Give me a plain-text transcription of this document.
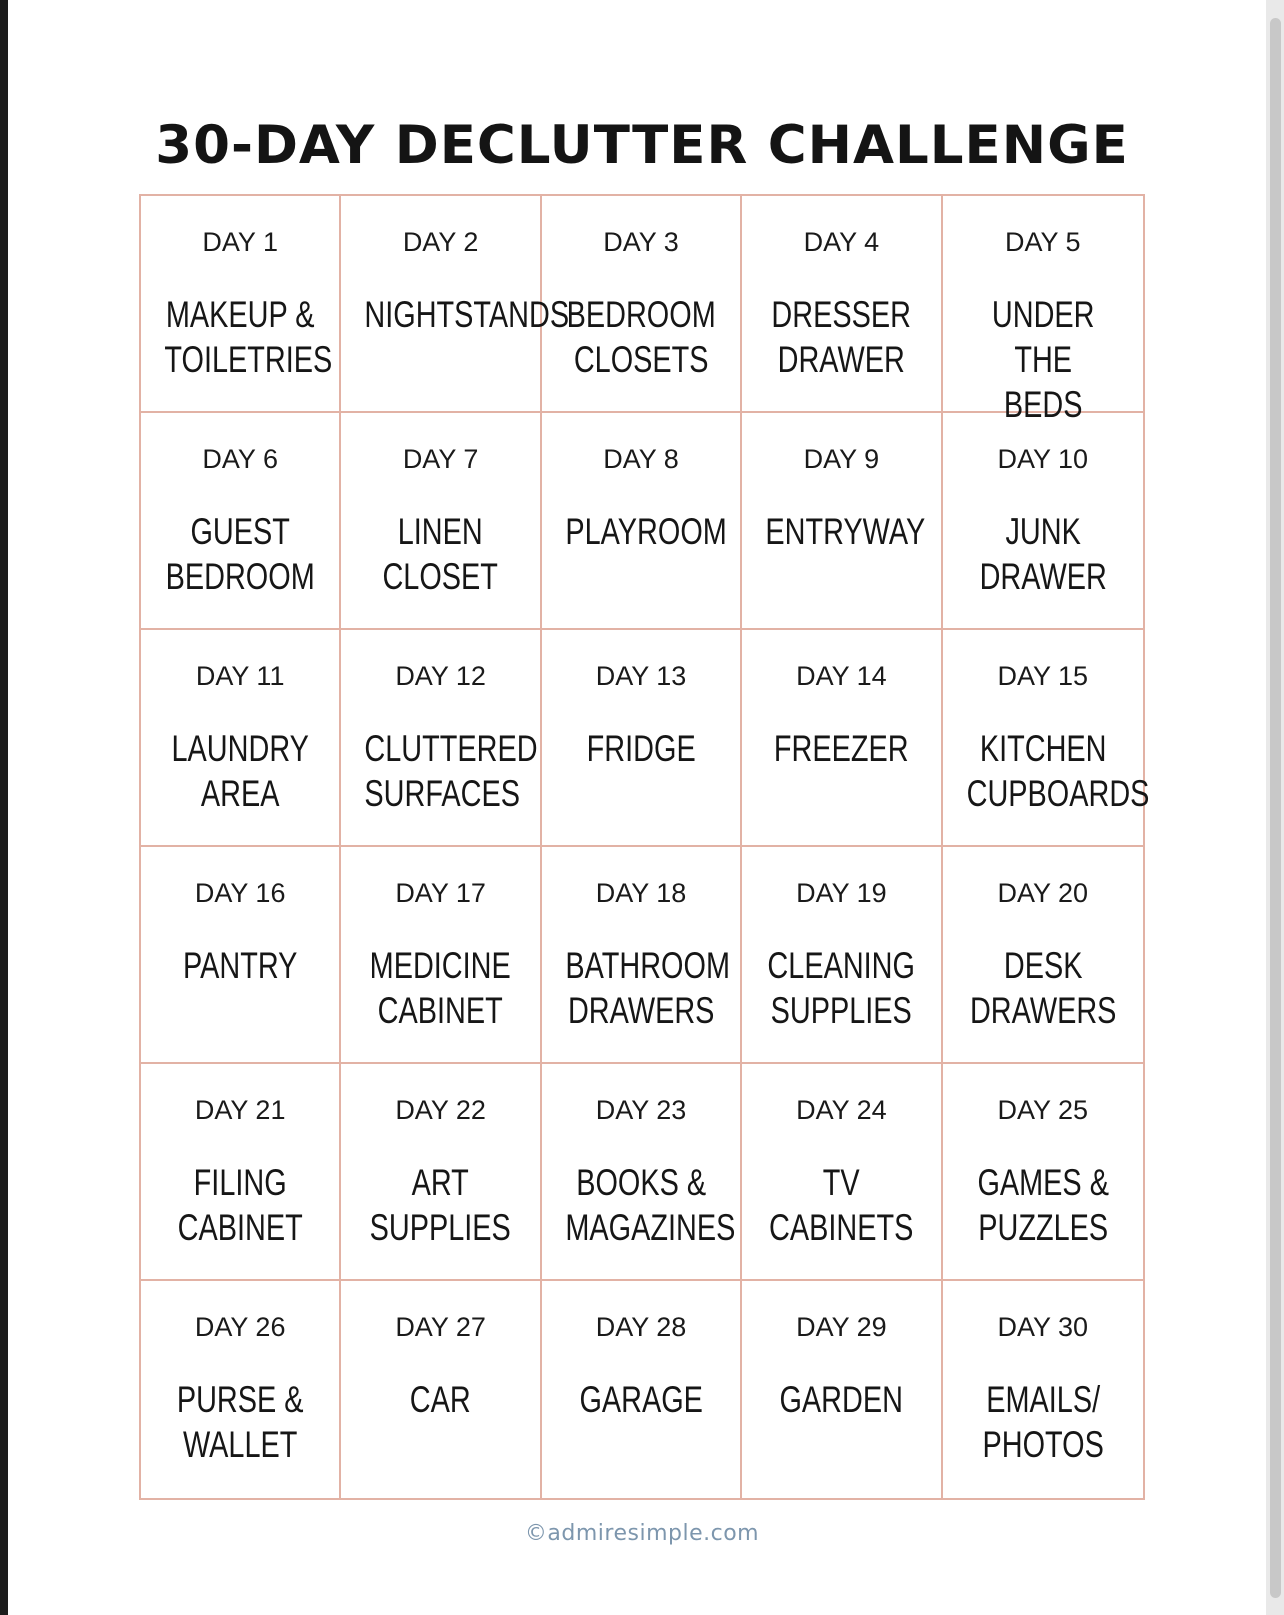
30-DAY DECLUTTER CHALLENGE
DAY 1
MAKEUP &
TOILETRIES
DAY 2
NIGHTSTANDS
DAY 3
BEDROOM
CLOSETS
DAY 4
DRESSER
DRAWER
DAY 5
UNDER THE
BEDS
DAY 6
GUEST
BEDROOM
DAY 7
LINEN
CLOSET
DAY 8
PLAYROOM
DAY 9
ENTRYWAY
DAY 10
JUNK
DRAWER
DAY 11
LAUNDRY
AREA
DAY 12
CLUTTERED
SURFACES
DAY 13
FRIDGE
DAY 14
FREEZER
DAY 15
KITCHEN
CUPBOARDS
DAY 16
PANTRY
DAY 17
MEDICINE
CABINET
DAY 18
BATHROOM
DRAWERS
DAY 19
CLEANING
SUPPLIES
DAY 20
DESK
DRAWERS
DAY 21
FILING
CABINET
DAY 22
ART
SUPPLIES
DAY 23
BOOKS &
MAGAZINES
DAY 24
TV
CABINETS
DAY 25
GAMES &
PUZZLES
DAY 26
PURSE &
WALLET
DAY 27
CAR
DAY 28
GARAGE
DAY 29
GARDEN
DAY 30
EMAILS/
PHOTOS
©admiresimple.com
